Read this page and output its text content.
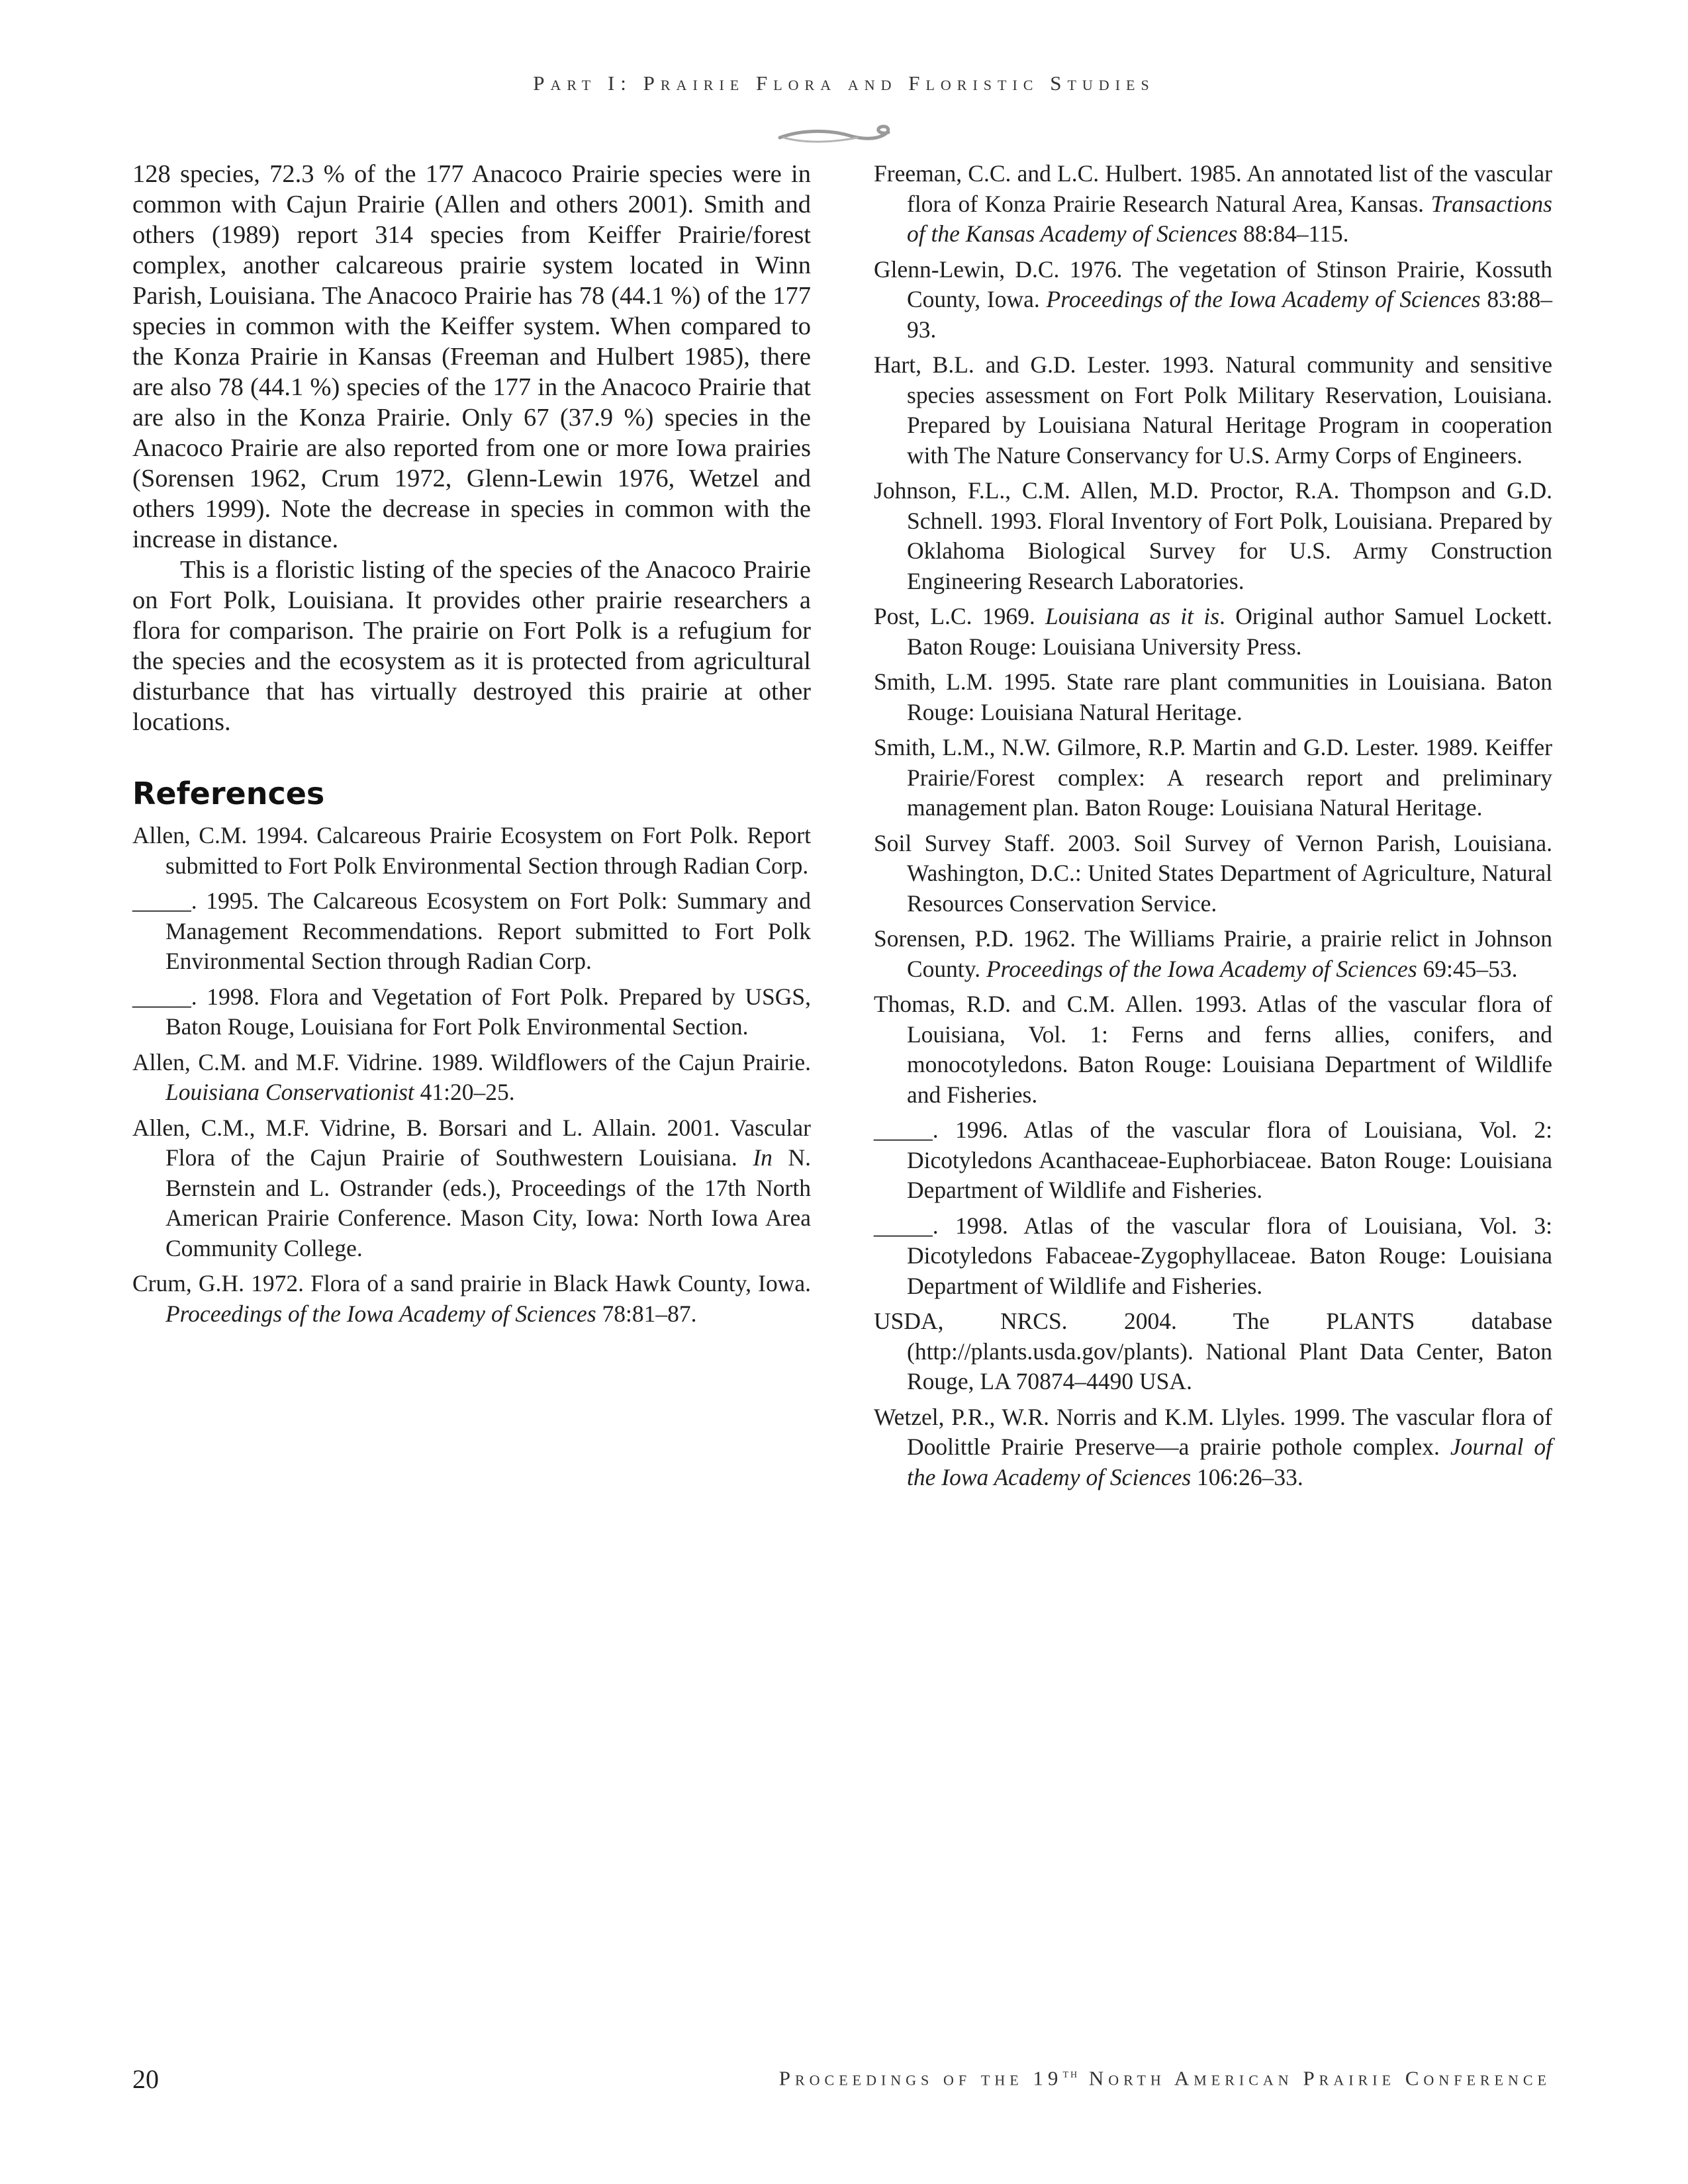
Part I: Prairie Flora and Floristic Studies

128 species, 72.3 % of the 177 Anacoco Prairie species were in common with Cajun Prairie (Allen and others 2001). Smith and others (1989) report 314 species from Keiffer Prairie/forest complex, another calcareous prairie system located in Winn Parish, Louisiana. The Anacoco Prairie has 78 (44.1 %) of the 177 species in common with the Keiffer system. When compared to the Konza Prairie in Kansas (Freeman and Hulbert 1985), there are also 78 (44.1 %) species of the 177 in the Anacoco Prairie that are also in the Konza Prairie. Only 67 (37.9 %) species in the Anacoco Prairie are also reported from one or more Iowa prairies (Sorensen 1962, Crum 1972, Glenn-Lewin 1976, Wetzel and others 1999). Note the decrease in species in common with the increase in distance.

This is a floristic listing of the species of the Anacoco Prairie on Fort Polk, Louisiana. It provides other prairie researchers a flora for comparison. The prairie on Fort Polk is a refugium for the species and the ecosystem as it is protected from agricultural disturbance that has virtually destroyed this prairie at other locations.

References
Allen, C.M. 1994. Calcareous Prairie Ecosystem on Fort Polk. Report submitted to Fort Polk Environmental Section through Radian Corp.
_____. 1995. The Calcareous Ecosystem on Fort Polk: Summary and Management Recommendations. Report submitted to Fort Polk Environmental Section through Radian Corp.
_____. 1998. Flora and Vegetation of Fort Polk. Prepared by USGS, Baton Rouge, Louisiana for Fort Polk Environmental Section.
Allen, C.M. and M.F. Vidrine. 1989. Wildflowers of the Cajun Prairie. Louisiana Conservationist 41:20–25.
Allen, C.M., M.F. Vidrine, B. Borsari and L. Allain. 2001. Vascular Flora of the Cajun Prairie of Southwestern Louisiana. In N. Bernstein and L. Ostrander (eds.), Proceedings of the 17th North American Prairie Conference. Mason City, Iowa: North Iowa Area Community College.
Crum, G.H. 1972. Flora of a sand prairie in Black Hawk County, Iowa. Proceedings of the Iowa Academy of Sciences 78:81–87.
Freeman, C.C. and L.C. Hulbert. 1985. An annotated list of the vascular flora of Konza Prairie Research Natural Area, Kansas. Transactions of the Kansas Academy of Sciences 88:84–115.
Glenn-Lewin, D.C. 1976. The vegetation of Stinson Prairie, Kossuth County, Iowa. Proceedings of the Iowa Academy of Sciences 83:88–93.
Hart, B.L. and G.D. Lester. 1993. Natural community and sensitive species assessment on Fort Polk Military Reservation, Louisiana. Prepared by Louisiana Natural Heritage Program in cooperation with The Nature Conservancy for U.S. Army Corps of Engineers.
Johnson, F.L., C.M. Allen, M.D. Proctor, R.A. Thompson and G.D. Schnell. 1993. Floral Inventory of Fort Polk, Louisiana. Prepared by Oklahoma Biological Survey for U.S. Army Construction Engineering Research Laboratories.
Post, L.C. 1969. Louisiana as it is. Original author Samuel Lockett. Baton Rouge: Louisiana University Press.
Smith, L.M. 1995. State rare plant communities in Louisiana. Baton Rouge: Louisiana Natural Heritage.
Smith, L.M., N.W. Gilmore, R.P. Martin and G.D. Lester. 1989. Keiffer Prairie/Forest complex: A research report and preliminary management plan. Baton Rouge: Louisiana Natural Heritage.
Soil Survey Staff. 2003. Soil Survey of Vernon Parish, Louisiana. Washington, D.C.: United States Department of Agriculture, Natural Resources Conservation Service.
Sorensen, P.D. 1962. The Williams Prairie, a prairie relict in Johnson County. Proceedings of the Iowa Academy of Sciences 69:45–53.
Thomas, R.D. and C.M. Allen. 1993. Atlas of the vascular flora of Louisiana, Vol. 1: Ferns and ferns allies, conifers, and monocotyledons. Baton Rouge: Louisiana Department of Wildlife and Fisheries.
_____. 1996. Atlas of the vascular flora of Louisiana, Vol. 2: Dicotyledons Acanthaceae-Euphorbiaceae. Baton Rouge: Louisiana Department of Wildlife and Fisheries.
_____. 1998. Atlas of the vascular flora of Louisiana, Vol. 3: Dicotyledons Fabaceae-Zygophyllaceae. Baton Rouge: Louisiana Department of Wildlife and Fisheries.
USDA, NRCS. 2004. The PLANTS database (http://plants.usda.gov/plants). National Plant Data Center, Baton Rouge, LA 70874–4490 USA.
Wetzel, P.R., W.R. Norris and K.M. Llyles. 1999. The vascular flora of Doolittle Prairie Preserve—a prairie pothole complex. Journal of the Iowa Academy of Sciences 106:26–33.
20	Proceedings of the 19th North American Prairie Conference
